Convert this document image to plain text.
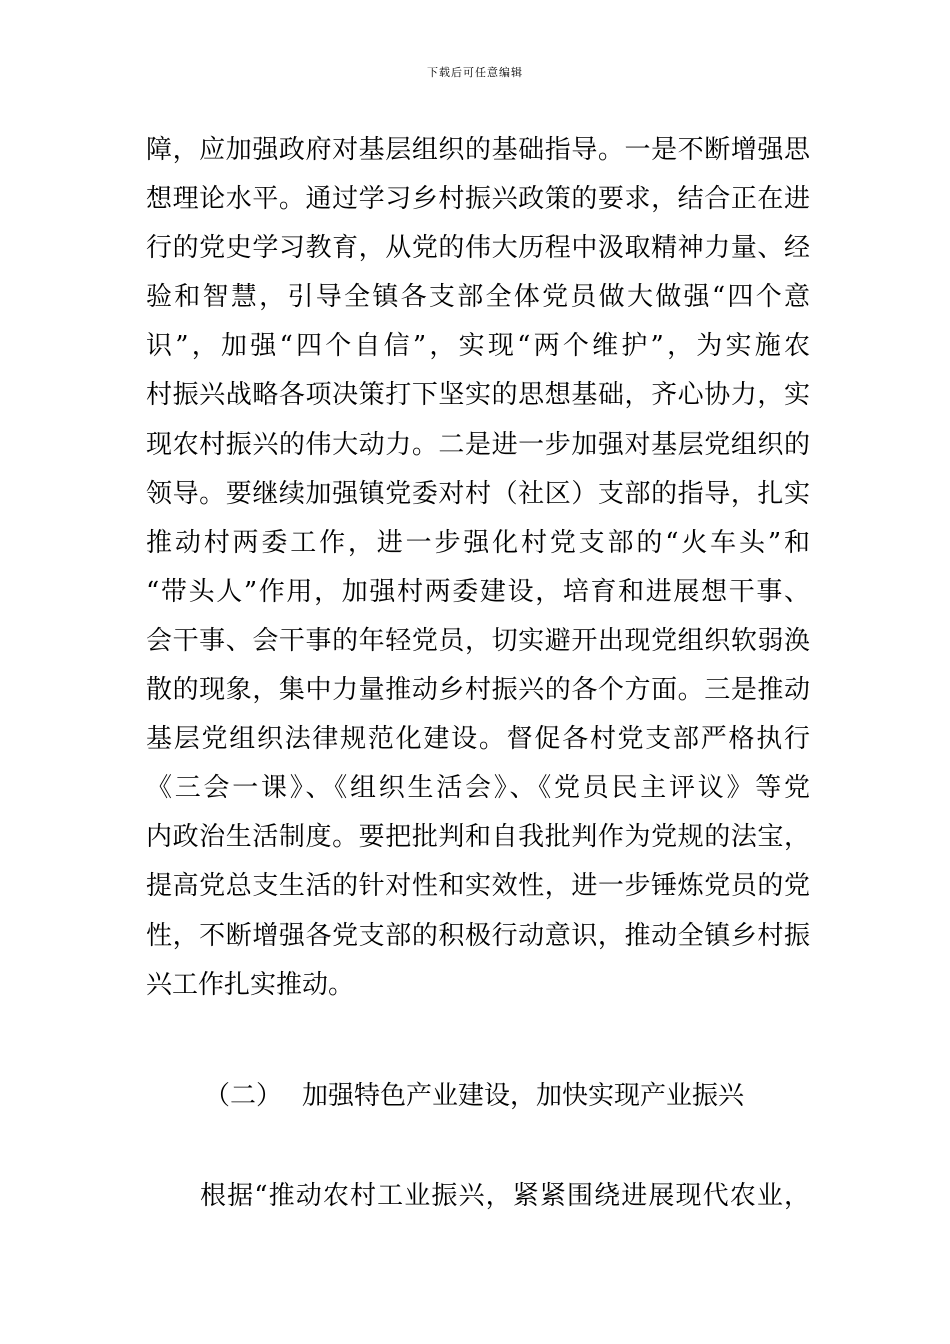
下载后可任意编辑
障，应加强政府对基层组织的基础指导。一是不断增强思
想理论水平。通过学习乡村振兴政策的要求，结合正在进
行的党史学习教育，从党的伟大历程中汲取精神力量、经
验和智慧，引导全镇各支部全体党员做大做强“四个意
识”，加强“四个自信”，实现“两个维护”，为实施农
村振兴战略各项决策打下坚实的思想基础，齐心协力，实
现农村振兴的伟大动力。二是进一步加强对基层党组织的
领导。要继续加强镇党委对村（社区）支部的指导，扎实
推动村两委工作，进一步强化村党支部的“火车头”和
“带头人”作用，加强村两委建设，培育和进展想干事、
会干事、会干事的年轻党员，切实避开出现党组织软弱涣
散的现象，集中力量推动乡村振兴的各个方面。三是推动
基层党组织法律规范化建设。督促各村党支部严格执行
《三会一课》、《组织生活会》、《党员民主评议》等党
内政治生活制度。要把批判和自我批判作为党规的法宝，
提高党总支生活的针对性和实效性，进一步锤炼党员的党
性，不断增强各党支部的积极行动意识，推动全镇乡村振
兴工作扎实推动。
（二） 加强特色产业建设，加快实现产业振兴
根据“推动农村工业振兴，紧紧围绕进展现代农业，
